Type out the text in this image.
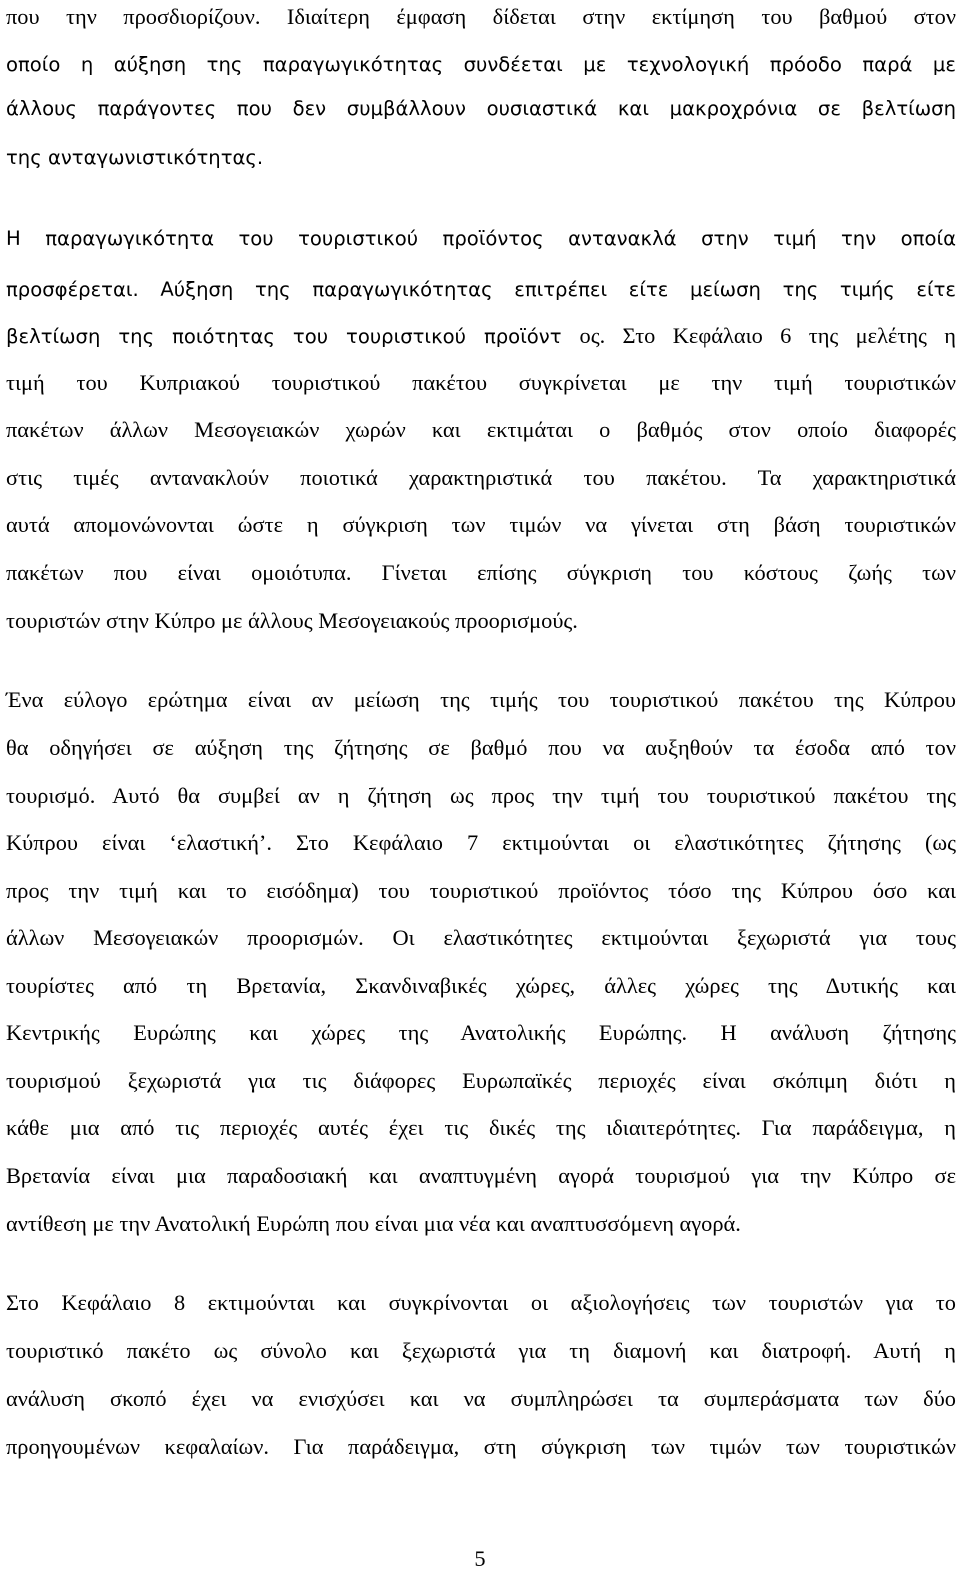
που την προσδιορίζουν. Ιδιαίτερη έμφαση δίδεται στην εκτίμηση του βαθμού στον
οποίο η αύξηση της παραγωγικότητας συνδέεται με τεχνολογική πρόοδο παρά με
άλλους παράγοντες που δεν συμβάλλουν ουσιαστικά και μακροχρόνια σε βελτίωση
της ανταγωνιστικότητας.
Η παραγωγικότητα του τουριστικού προϊόντος αντανακλά στην τιμή την οποία
προσφέρεται. Αύξηση της παραγωγικότητας επιτρέπει είτε μείωση της τιμής είτε
βελτίωση της ποιότητας του τουριστικού προϊόντ ος. Στο Κεφάλαιο 6 της μελέτης η
τιμή του Κυπριακού τουριστικού πακέτου συγκρίνεται με την τιμή τουριστικών
πακέτων άλλων Μεσογειακών χωρών και εκτιμάται ο βαθμός στον οποίο διαφορές
στις τιμές αντανακλούν ποιοτικά χαρακτηριστικά του πακέτου. Τα χαρακτηριστικά
αυτά απομονώνονται ώστε η σύγκριση των τιμών να γίνεται στη βάση τουριστικών
πακέτων που είναι ομοιότυπα. Γίνεται επίσης σύγκριση του κόστους ζωής των
τουριστών στην Κύπρο με άλλους Μεσογειακούς προορισμούς.
Ένα εύλογο ερώτημα είναι αν μείωση της τιμής του τουριστικού πακέτου της Κύπρου
θα οδηγήσει σε αύξηση της ζήτησης σε βαθμό που να αυξηθούν τα έσοδα από τον
τουρισμό. Αυτό θα συμβεί αν η ζήτηση ως προς την τιμή του τουριστικού πακέτου της
Κύπρου είναι ‘ελαστική’. Στο Κεφάλαιο 7 εκτιμούνται οι ελαστικότητες ζήτησης (ως
προς την τιμή και το εισόδημα) του τουριστικού προϊόντος τόσο της Κύπρου όσο και
άλλων Μεσογειακών προορισμών. Οι ελαστικότητες εκτιμούνται ξεχωριστά για τους
τουρίστες από τη Βρετανία, Σκανδιναβικές χώρες, άλλες χώρες της Δυτικής και
Κεντρικής Ευρώπης και χώρες της Ανατολικής Ευρώπης. Η ανάλυση ζήτησης
τουρισμού ξεχωριστά για τις διάφορες Ευρωπαϊκές περιοχές είναι σκόπιμη διότι η
κάθε μια από τις περιοχές αυτές έχει τις δικές της ιδιαιτερότητες. Για παράδειγμα, η
Βρετανία είναι μια παραδοσιακή και αναπτυγμένη αγορά τουρισμού για την Κύπρο σε
αντίθεση με την Ανατολική Ευρώπη που είναι μια νέα και αναπτυσσόμενη αγορά.
Στο Κεφάλαιο 8 εκτιμούνται και συγκρίνονται οι αξιολογήσεις των τουριστών για το
τουριστικό πακέτο ως σύνολο και ξεχωριστά για τη διαμονή και διατροφή. Αυτή η
ανάλυση σκοπό έχει να ενισχύσει και να συμπληρώσει τα συμπεράσματα των δύο
προηγουμένων κεφαλαίων. Για παράδειγμα, στη σύγκριση των τιμών των τουριστικών
5
